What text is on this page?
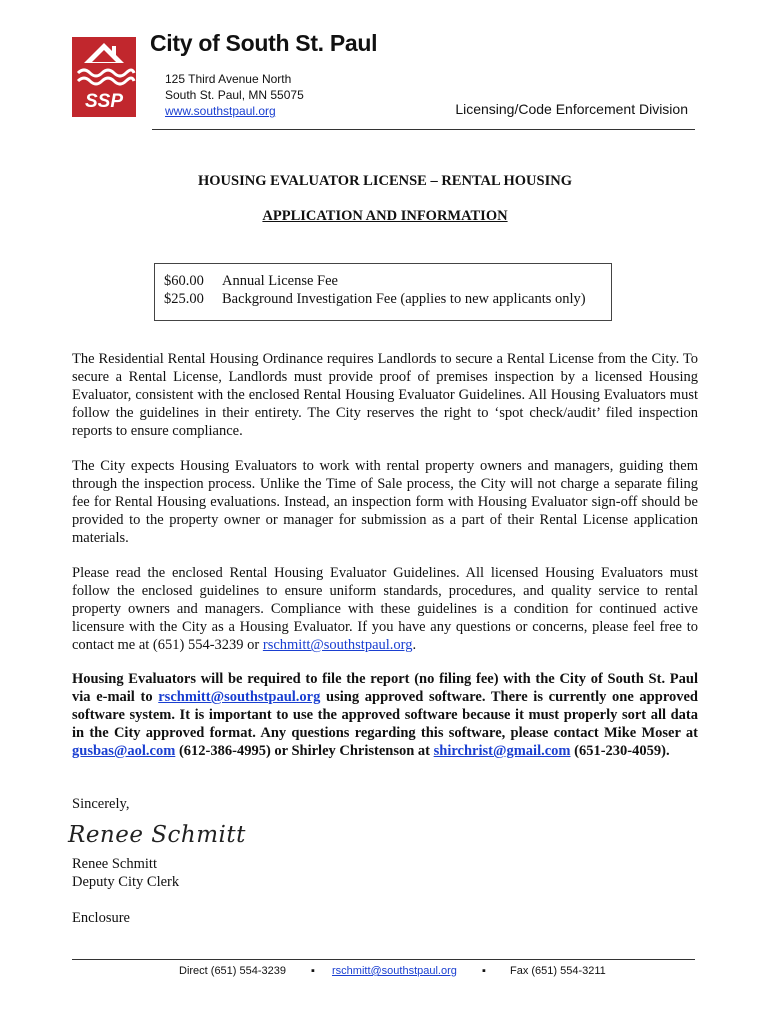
SSP
City of South St. Paul
125 Third Avenue North
South St. Paul, MN 55075
www.southstpaul.org	Licensing/Code Enforcement Division
HOUSING EVALUATOR LICENSE – RENTAL HOUSING
APPLICATION AND INFORMATION
$60.00 Annual License Fee
$25.00 Background Investigation Fee (applies to new applicants only)

The Residential Rental Housing Ordinance requires Landlords to secure a Rental License from the City. To secure a Rental License, Landlords must provide proof of premises inspection by a licensed Housing Evaluator, consistent with the enclosed Rental Housing Evaluator Guidelines. All Housing Evaluators must follow the guidelines in their entirety. The City reserves the right to ‘spot check/audit’ filed inspection reports to ensure compliance.

The City expects Housing Evaluators to work with rental property owners and managers, guiding them through the inspection process. Unlike the Time of Sale process, the City will not charge a separate filing fee for Rental Housing evaluations. Instead, an inspection form with Housing Evaluator sign-off should be provided to the property owner or manager for submission as a part of their Rental License application materials.

Please read the enclosed Rental Housing Evaluator Guidelines. All licensed Housing Evaluators must follow the enclosed guidelines to ensure uniform standards, procedures, and quality service to rental property owners and managers. Compliance with these guidelines is a condition for continued active licensure with the City as a Housing Evaluator. If you have any questions or concerns, please feel free to contact me at (651) 554-3239 or rschmitt@southstpaul.org.

Housing Evaluators will be required to file the report (no filing fee) with the City of South St. Paul via e-mail to rschmitt@southstpaul.org using approved software. There is currently one approved software system. It is important to use the approved software because it must properly sort all data in the City approved format. Any questions regarding this software, please contact Mike Moser at gusbas@aol.com (612-386-4995) or Shirley Christenson at shirchrist@gmail.com (651-230-4059).

Sincerely,
Renee Schmitt
Renee Schmitt
Deputy City Clerk
Enclosure
Direct (651) 554-3239 ▪ rschmitt@southstpaul.org ▪ Fax (651) 554-3211
